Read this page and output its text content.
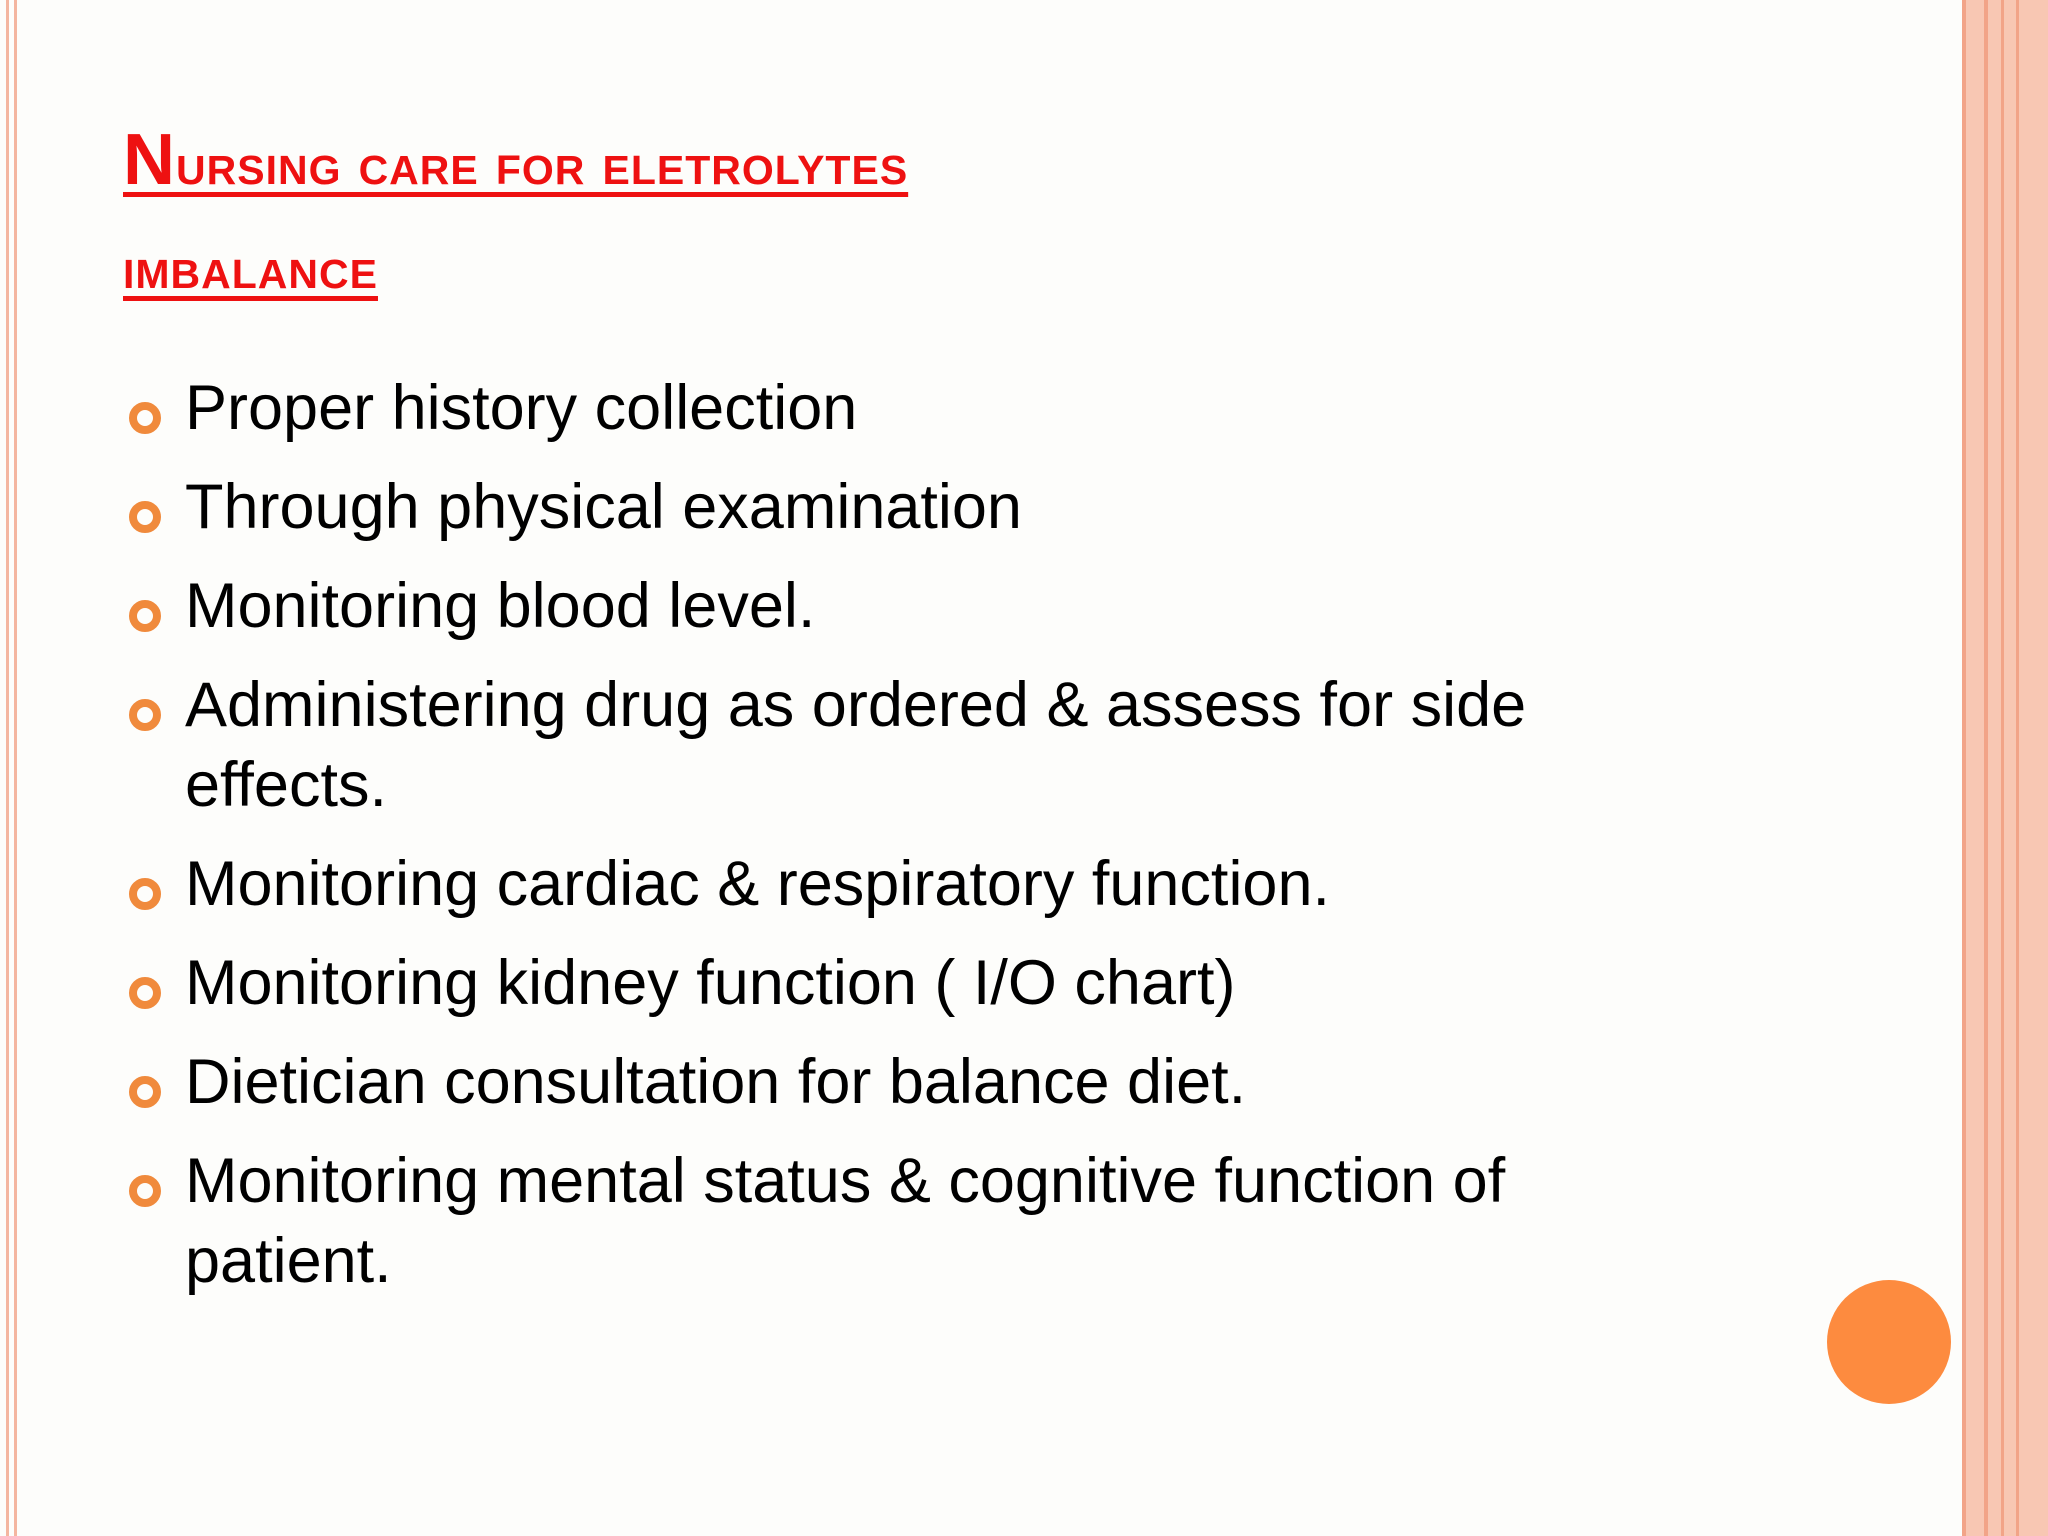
Nursing care for eletrolytes
imbalance
Proper history collection
Through physical examination
Monitoring blood level.
Administering drug as ordered & assess for side effects.
Monitoring cardiac & respiratory function.
Monitoring kidney function ( I/O chart)
Dietician consultation for balance diet.
Monitoring mental status & cognitive function of patient.
